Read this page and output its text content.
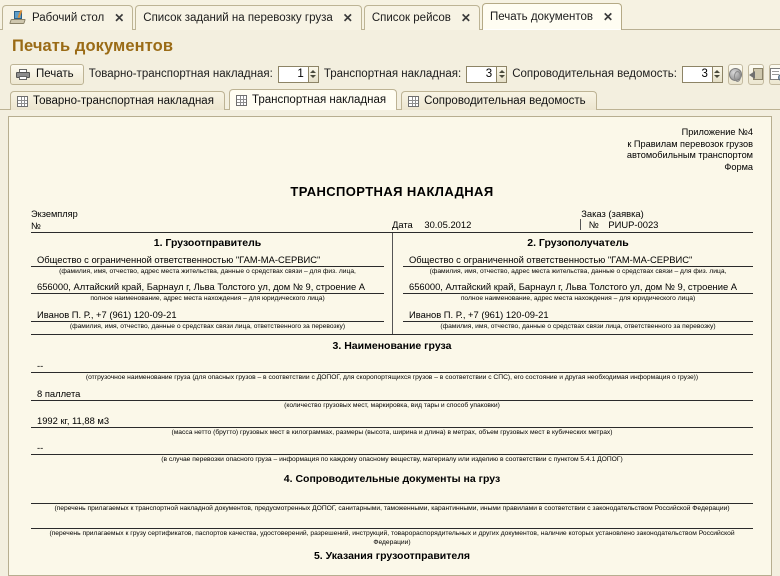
Рабочий стол ✕ Список заданий на перевозку груза ✕ Список рейсов ✕ Печать документов ✕
Печать документов
Печать Товарно-транспортная накладная:
1	Транспортная накладная:
3	Сопроводительная ведомость:
3
Товарно-транспортная накладная	Транспортная накладная	Сопроводительная ведомость
Приложение №4
к Правилам перевозок грузов
автомобильным транспортом
Форма
ТРАНСПОРТНАЯ НАКЛАДНАЯ
Экземпляр
№
Заказ (заявка)
Дата 30.05.2012	№ РИUP-0023
1. Грузоотправитель
Общество с ограниченной ответственностью "ГАМ-МА-СЕРВИС"
(фамилия, имя, отчество, адрес места жительства, данные о средствах связи – для физ. лица,
656000, Алтайский край, Барнаул г, Льва Толстого ул, дом № 9, строение А
полное наименование, адрес места нахождения – для юридического лица)
Иванов П. Р., +7 (961) 120-09-21
(фамилия, имя, отчество, данные о средствах связи лица, ответственного за перевозку)
2. Грузополучатель
Общество с ограниченной ответственностью "ГАМ-МА-СЕРВИС"
(фамилия, имя, отчество, адрес места жительства, данные о средствах связи – для физ. лица,
656000, Алтайский край, Барнаул г, Льва Толстого ул, дом № 9, строение А
полное наименование, адрес места нахождения – для юридического лица)
Иванов П. Р., +7 (961) 120-09-21
(фамилия, имя, отчество, данные о средствах связи лица, ответственного за перевозку)
3. Наименование груза
--
(отгрузочное наименование груза (для опасных грузов – в соответствии с ДОПОГ, для скоропортящихся грузов – в соответствии с СПС), его состояние и другая необходимая информация о грузе))
8 паллета
(количество грузовых мест, маркировка, вид тары и способ упаковки)
1992 кг, 11,88 м3
(масса нетто (брутто) грузовых мест в килограммах, размеры (высота, ширина и длина) в метрах, объем грузовых мест в кубических метрах)
--
(в случае перевозки опасного груза – информация по каждому опасному веществу, материалу или изделию в соответствии с пунктом 5.4.1 ДОПОГ)
4. Сопроводительные документы на груз
(перечень прилагаемых к транспортной накладной документов, предусмотренных ДОПОГ, санитарными, таможенными, карантинными, иными правилами в соответствии с законодательством Российской Федерации)
(перечень прилагаемых к грузу сертификатов, паспортов качества, удостоверений, разрешений, инструкций, товарораспорядительных и других документов, наличие которых установлено законодательством Российской Федерации)
5. Указания грузоотправителя
